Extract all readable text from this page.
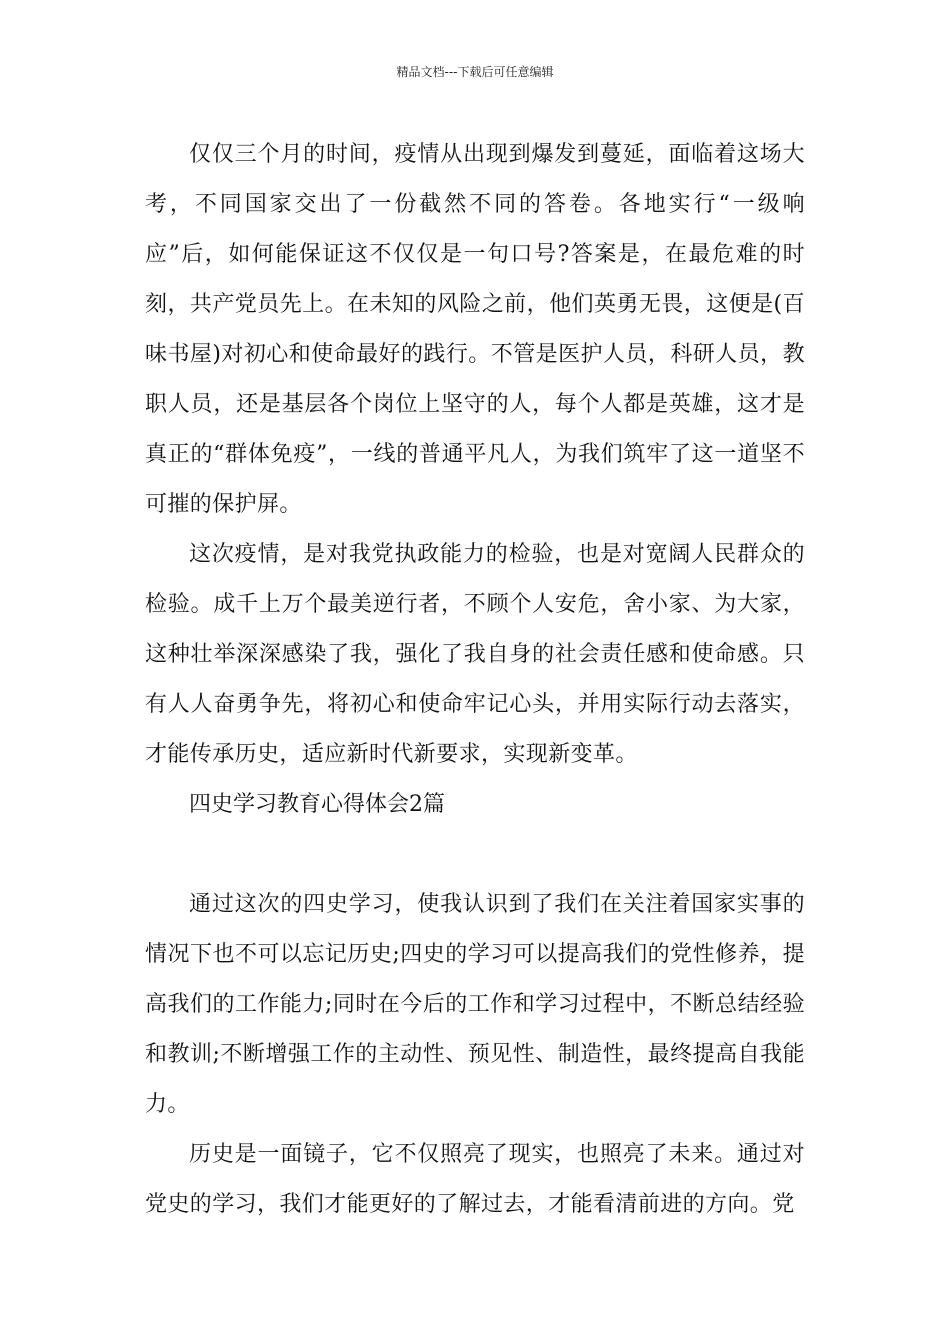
精品文档---下载后可任意编辑

仅仅三个月的时间，疫情从出现到爆发到蔓延，面临着这场大考，不同国家交出了一份截然不同的答卷。各地实行“一级响应”后，如何能保证这不仅仅是一句口号?答案是，在最危难的时刻，共产党员先上。在未知的风险之前，他们英勇无畏，这便是(百味书屋)对初心和使命最好的践行。不管是医护人员，科研人员，教职人员，还是基层各个岗位上坚守的人，每个人都是英雄，这才是真正的“群体免疫”，一线的普通平凡人，为我们筑牢了这一道坚不可摧的保护屏。

这次疫情，是对我党执政能力的检验，也是对宽阔人民群众的检验。成千上万个最美逆行者，不顾个人安危，舍小家、为大家，这种壮举深深感染了我，强化了我自身的社会责任感和使命感。只有人人奋勇争先，将初心和使命牢记心头，并用实际行动去落实，才能传承历史，适应新时代新要求，实现新变革。

四史学习教育心得体会2篇

通过这次的四史学习，使我认识到了我们在关注着国家实事的情况下也不可以忘记历史;四史的学习可以提高我们的党性修养，提高我们的工作能力;同时在今后的工作和学习过程中，不断总结经验和教训;不断增强工作的主动性、预见性、制造性，最终提高自我能力。

历史是一面镜子，它不仅照亮了现实，也照亮了未来。通过对党史的学习，我们才能更好的了解过去，才能看清前进的方向。党
